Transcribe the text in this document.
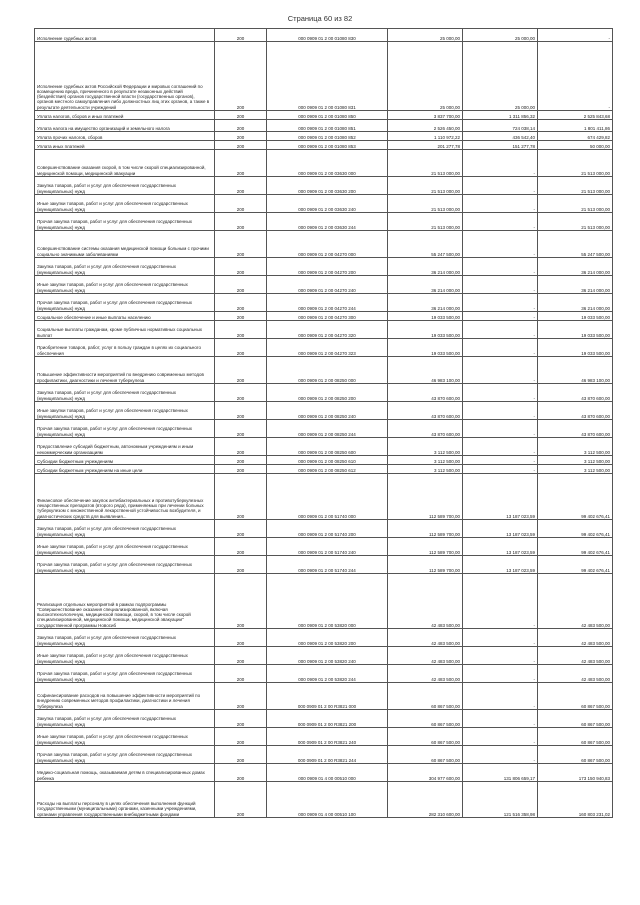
Страница 60 из 82
Исполнение судебных актов	200	000 0909 01 2 00 01080 830	25 000,00	25 000,00	-
Исполнение судебных актов Российской Федерации и мировых соглашений по возмещению вреда, причиненного в результате незаконных действий (бездействия) органов государственной власти (государственных органов), органов местного самоуправления либо должностных лиц этих органов, а также в результате деятельности учреждений	200	000 0909 01 2 00 01080 831	25 000,00	25 000,00	-
Уплата налогов, сборов и иных платежей	200	000 0909 01 2 00 01080 850	3 837 700,00	1 311 856,32	2 525 843,68
Уплата налога на имущество организаций и земельного налога	200	000 0909 01 2 00 01080 851	2 526 450,00	724 038,14	1 801 411,86
Уплата прочих налогов, сборов	200	000 0909 01 2 00 01080 852	1 110 972,22	436 542,40	674 429,82
Уплата иных платежей	200	000 0909 01 2 00 01080 853	201 277,78	151 277,78	50 000,00
Совершенствование оказания скорой, в том числе скорой специализированной, медицинской помощи, медицинской эвакуации	200	000 0909 01 2 00 03630 000	21 513 000,00	-	21 513 000,00
Закупка товаров, работ и услуг для обеспечения государственных (муниципальных) нужд	200	000 0909 01 2 00 03630 200	21 513 000,00	-	21 513 000,00
Иные закупки товаров, работ и услуг для обеспечения государственных (муниципальных) нужд	200	000 0909 01 2 00 03630 240	21 513 000,00	-	21 513 000,00
Прочая закупка товаров, работ и услуг для обеспечения государственных (муниципальных) нужд	200	000 0909 01 2 00 03630 244	21 513 000,00	-	21 513 000,00
Совершенствование системы оказания медицинской помощи больным с прочими социально значимыми заболеваниями	200	000 0909 01 2 00 04270 000	55 247 500,00	-	55 247 500,00
Закупка товаров, работ и услуг для обеспечения государственных (муниципальных) нужд	200	000 0909 01 2 00 04270 200	36 214 000,00	-	36 214 000,00
Иные закупки товаров, работ и услуг для обеспечения государственных (муниципальных) нужд	200	000 0909 01 2 00 04270 240	36 214 000,00	-	36 214 000,00
Прочая закупка товаров, работ и услуг для обеспечения государственных (муниципальных) нужд	200	000 0909 01 2 00 04270 244	36 214 000,00	-	36 214 000,00
Социальное обеспечение и иные выплаты населению	200	000 0909 01 2 00 04270 300	19 033 500,00	-	19 033 500,00
Социальные выплаты гражданам, кроме публичных нормативных социальных выплат	200	000 0909 01 2 00 04270 320	19 033 500,00	-	19 033 500,00
Приобретение товаров, работ, услуг в пользу граждан в целях их социального обеспечения	200	000 0909 01 2 00 04270 323	19 033 500,00	-	19 033 500,00
Повышение эффективности мероприятий по внедрению современных методов профилактики, диагностики и лечения туберкулеза	200	000 0909 01 2 00 08250 000	46 983 100,00	-	46 983 100,00
Закупка товаров, работ и услуг для обеспечения государственных (муниципальных) нужд	200	000 0909 01 2 00 08250 200	43 870 600,00	-	43 870 600,00
Иные закупки товаров, работ и услуг для обеспечения государственных (муниципальных) нужд	200	000 0909 01 2 00 08250 240	43 870 600,00	-	43 870 600,00
Прочая закупка товаров, работ и услуг для обеспечения государственных (муниципальных) нужд	200	000 0909 01 2 00 08250 244	43 870 600,00	-	43 870 600,00
Предоставление субсидий бюджетным, автономным учреждениям и иным некоммерческим организациям	200	000 0909 01 2 00 08250 600	3 112 500,00	-	3 112 500,00
Субсидии бюджетным учреждениям	200	000 0909 01 2 00 08250 610	3 112 500,00	-	3 112 500,00
Субсидии бюджетным учреждениям на иные цели	200	000 0909 01 2 00 08250 612	3 112 500,00	-	3 112 500,00
Финансовое обеспечение закупок антибактериальных и противотуберкулезных лекарственных препаратов (второго ряда), применяемых при лечении больных туберкулезом с множественной лекарственной устойчивостью возбудителя, и диагностических средств для выявления...	200	000 0909 01 2 00 51740 000	112 589 700,00	13 187 023,59	99 402 676,41
Закупка товаров, работ и услуг для обеспечения государственных (муниципальных) нужд	200	000 0909 01 2 00 51740 200	112 589 700,00	13 187 023,59	99 402 676,41
Иные закупки товаров, работ и услуг для обеспечения государственных (муниципальных) нужд	200	000 0909 01 2 00 51740 240	112 589 700,00	13 187 023,59	99 402 676,41
Прочая закупка товаров, работ и услуг для обеспечения государственных (муниципальных) нужд	200	000 0909 01 2 00 51740 244	112 589 700,00	13 187 023,59	99 402 676,41
Реализация отдельных мероприятий в рамках подпрограммы "Совершенствование оказания специализированной, включая высокотехнологичную, медицинской помощи, скорой, в том числе скорой специализированной, медицинской помощи, медицинской эвакуации" государственной программы Новосиб	200	000 0909 01 2 00 53820 000	42 483 500,00	-	42 483 500,00
Закупка товаров, работ и услуг для обеспечения государственных (муниципальных) нужд	200	000 0909 01 2 00 53820 200	42 483 500,00	-	42 483 500,00
Иные закупки товаров, работ и услуг для обеспечения государственных (муниципальных) нужд	200	000 0909 01 2 00 53820 240	42 483 500,00	-	42 483 500,00
Прочая закупка товаров, работ и услуг для обеспечения государственных (муниципальных) нужд	200	000 0909 01 2 00 53820 244	42 483 500,00	-	42 483 500,00
Софинансирование расходов на повышение эффективности мероприятий по внедрению современных методов профилактики, диагностики и лечения туберкулеза	200	000 0909 01 2 00 R3821 000	60 867 500,00	-	60 867 500,00
Закупка товаров, работ и услуг для обеспечения государственных (муниципальных) нужд	200	000 0909 01 2 00 R3821 200	60 867 500,00	-	60 867 500,00
Иные закупки товаров, работ и услуг для обеспечения государственных (муниципальных) нужд	200	000 0909 01 2 00 R3821 240	60 867 500,00	-	60 867 500,00
Прочая закупка товаров, работ и услуг для обеспечения государственных (муниципальных) нужд	200	000 0909 01 2 00 R3821 244	60 867 500,00	-	60 867 500,00
Медико-социальная помощь, оказываемая детям в специализированных домах ребенка	200	000 0909 01 4 00 00510 000	304 977 600,00	131 806 659,17	173 150 940,83
Расходы на выплаты персоналу в целях обеспечения выполнения функций государственными (муниципальными) органами, казенными учреждениями, органами управления государственными внебюджетными фондами	200	000 0909 01 4 00 00510 100	282 310 600,00	121 516 358,98	160 803 231,02
